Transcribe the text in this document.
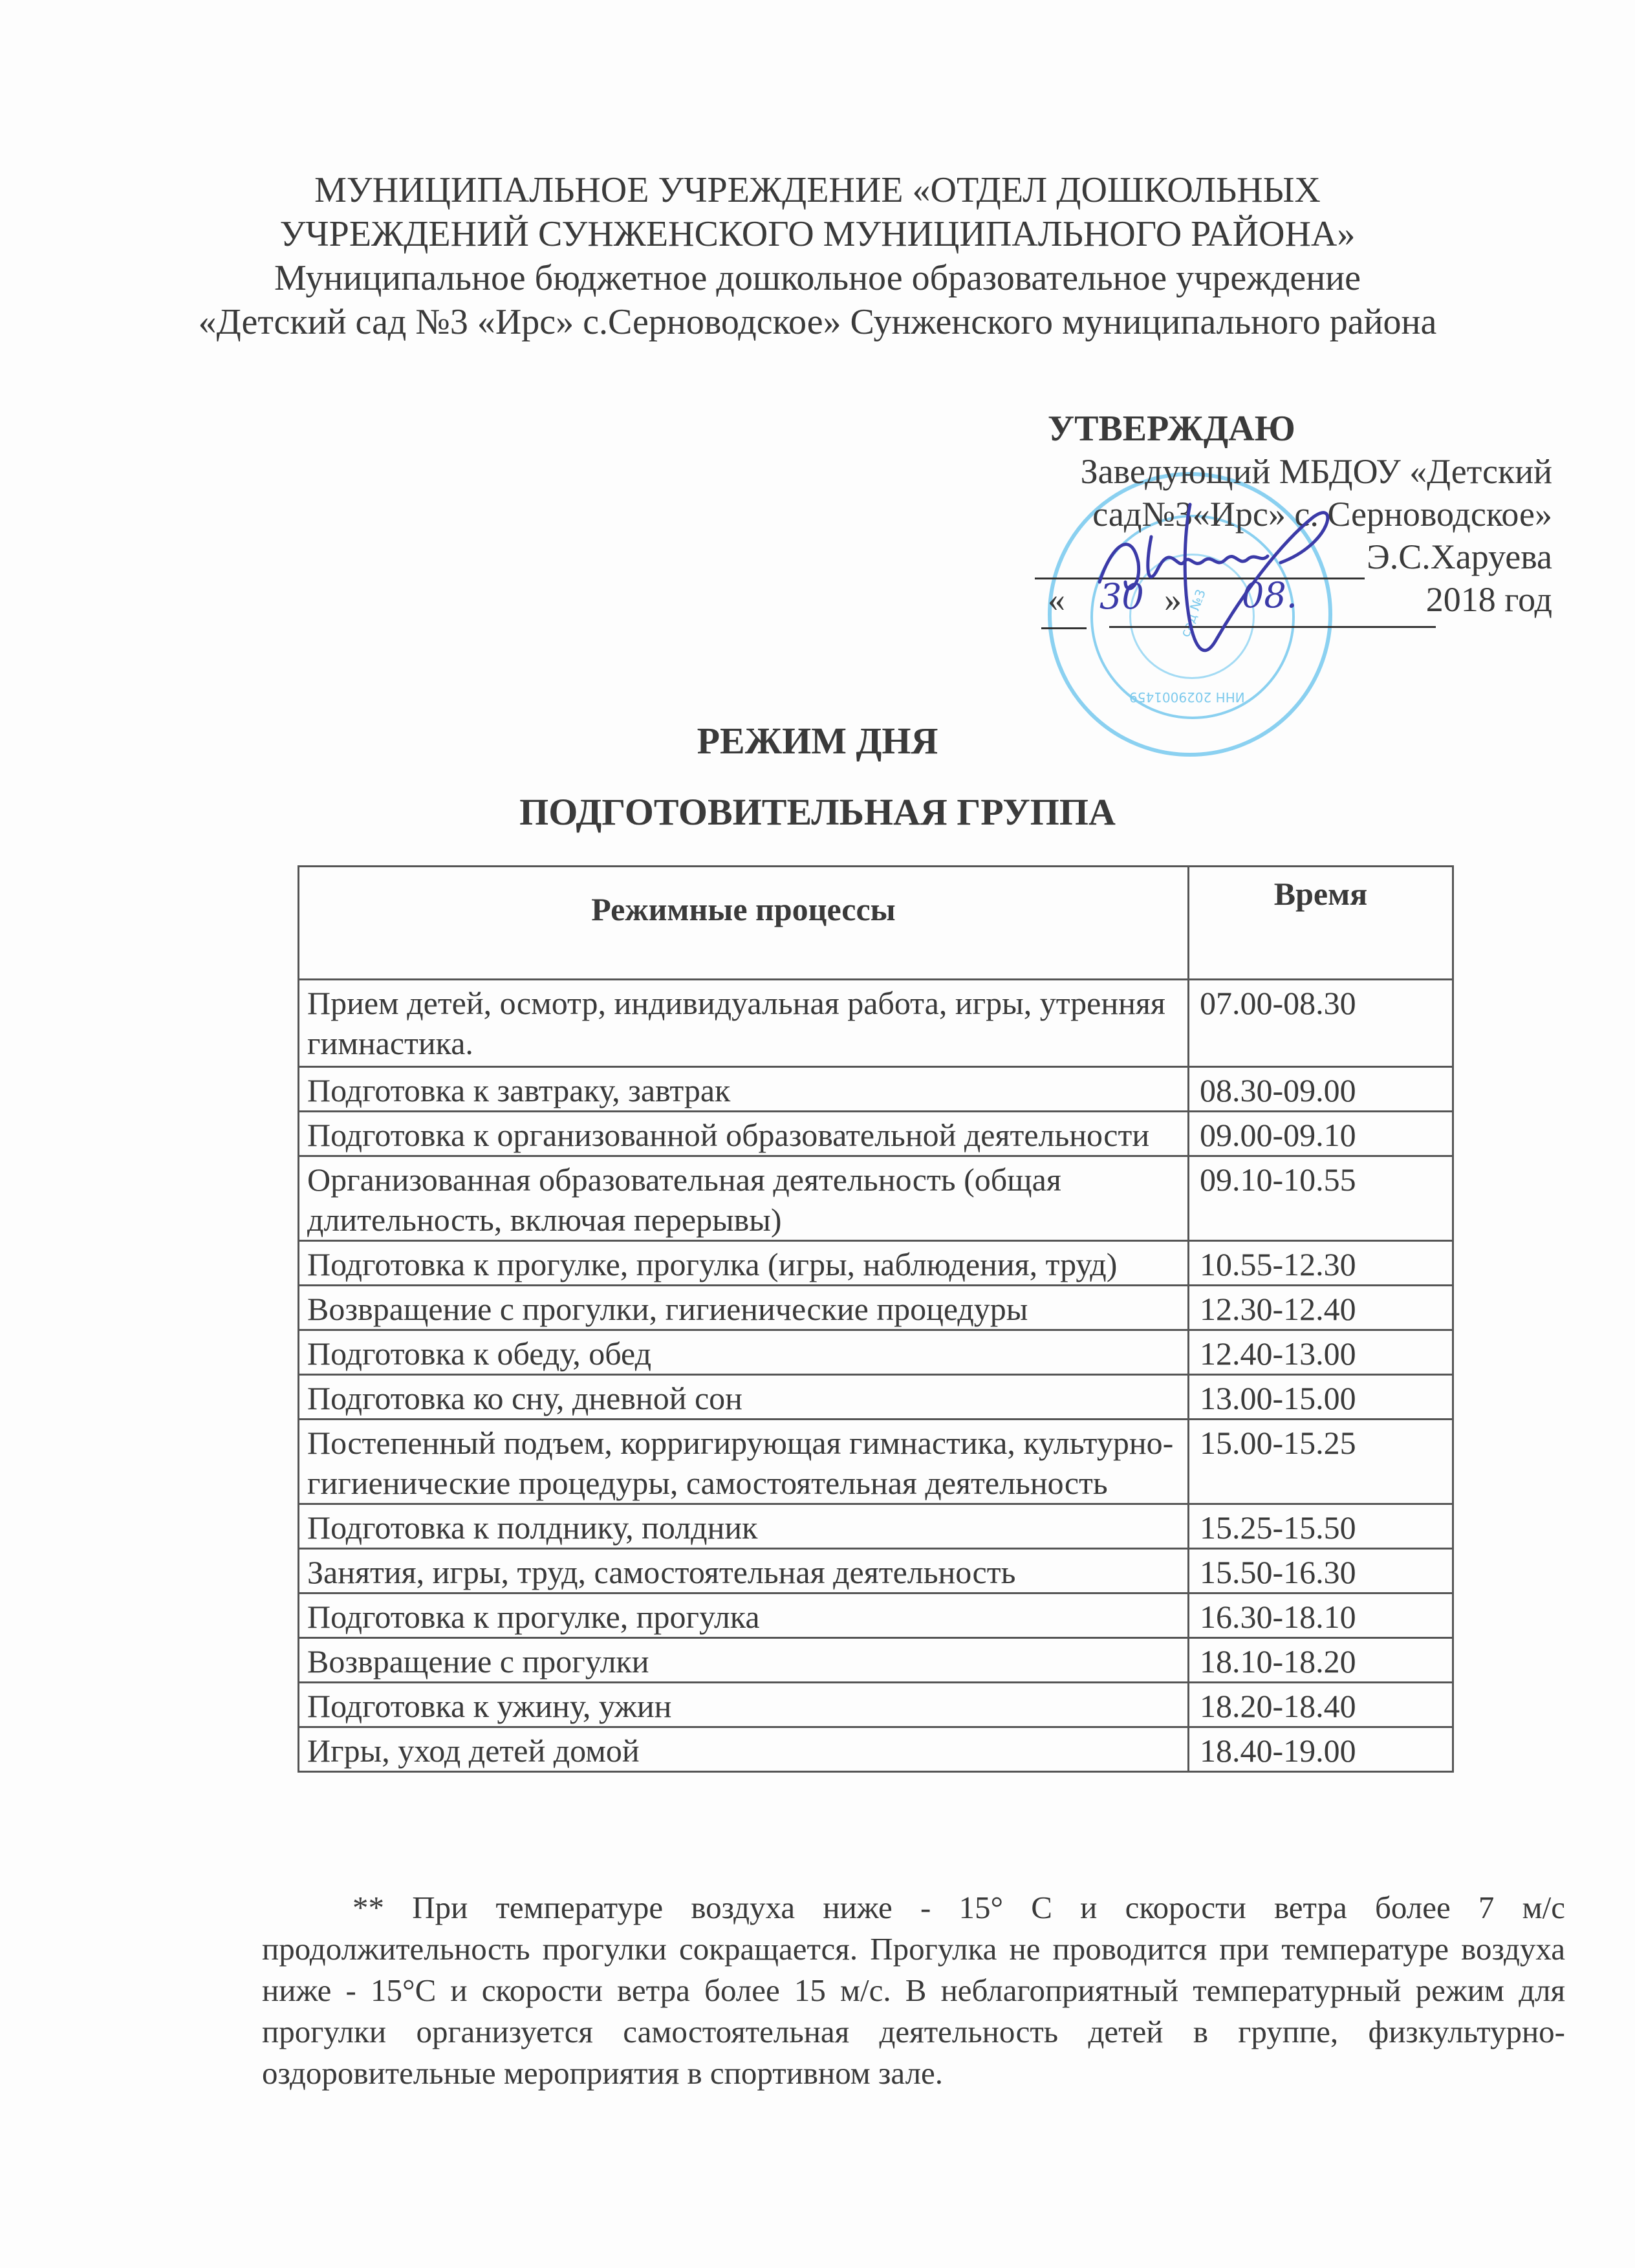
МУНИЦИПАЛЬНОЕ УЧРЕЖДЕНИЕ «ОТДЕЛ ДОШКОЛЬНЫХ
УЧРЕЖДЕНИЙ СУНЖЕНСКОГО МУНИЦИПАЛЬНОГО РАЙОНА»
Муниципальное бюджетное дошкольное образовательное учреждение
«Детский сад №3 «Ирс» с.Серноводское» Сунженского муниципального района
ИНН 2029001459
сад №3
УТВЕРЖДАЮ
Заведующий МБДОУ «Детский
сад№3«Ирс» с. Серноводское»
Э.С.Харуева
« 30 » 08.	2018 год
РЕЖИМ ДНЯ
ПОДГОТОВИТЕЛЬНАЯ ГРУППА
Режимные процессы	Время
Прием детей, осмотр, индивидуальная работа, игры, утренняя гимнастика.	07.00-08.30
Подготовка к завтраку, завтрак	08.30-09.00
Подготовка к организованной образовательной деятельности	09.00-09.10
Организованная образовательная деятельность (общая длительность, включая перерывы)	09.10-10.55
Подготовка к прогулке, прогулка (игры, наблюдения, труд)	10.55-12.30
Возвращение с прогулки, гигиенические процедуры	12.30-12.40
Подготовка к обеду, обед	12.40-13.00
Подготовка ко сну, дневной сон	13.00-15.00
Постепенный подъем, корригирующая гимнастика, культурно-гигиенические процедуры, самостоятельная деятельность	15.00-15.25
Подготовка к полднику, полдник	15.25-15.50
Занятия, игры, труд, самостоятельная деятельность	15.50-16.30
Подготовка к прогулке, прогулка	16.30-18.10
Возвращение с прогулки	18.10-18.20
Подготовка к ужину, ужин	18.20-18.40
Игры, уход детей домой	18.40-19.00
** При температуре воздуха ниже - 15° С и скорости ветра более 7 м/с продолжительность прогулки сокращается. Прогулка не проводится при температуре воздуха ниже - 15°С и скорости ветра более 15 м/с. В неблагоприятный температурный режим для прогулки организуется самостоятельная деятельность детей в группе, физкультурно-оздоровительные мероприятия в спортивном зале.
